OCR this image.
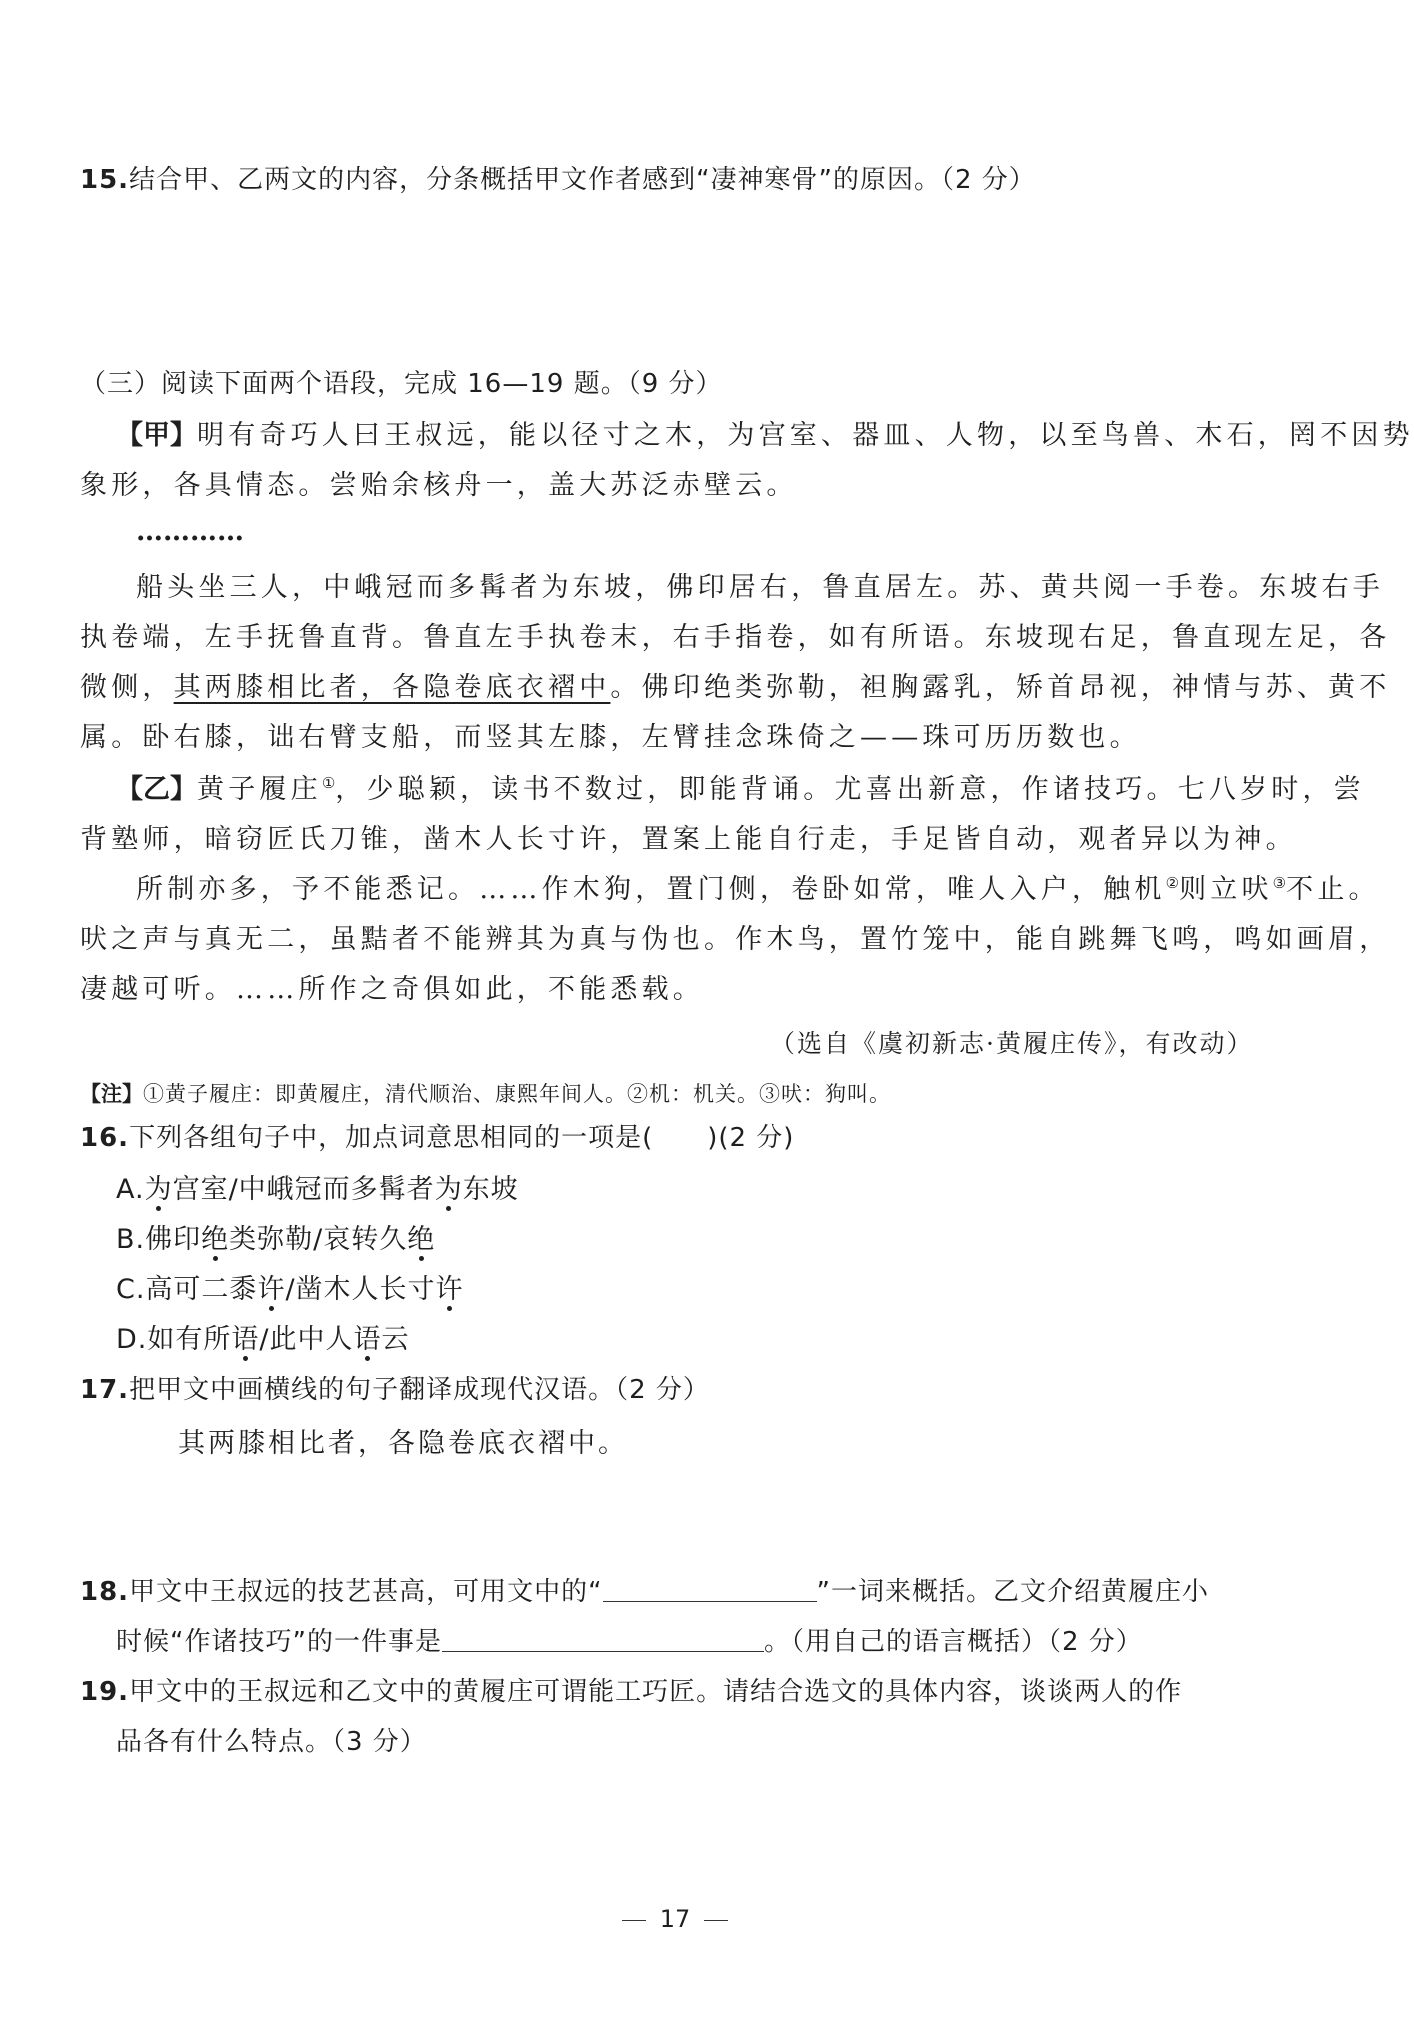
15.结合甲、乙两文的内容，分条概括甲文作者感到“凄神寒骨”的原因。（2 分）
（三）阅读下面两个语段，完成 16—19 题。（9 分）
【甲】明有奇巧人曰王叔远，能以径寸之木，为宫室、器皿、人物，以至鸟兽、木石，罔不因势
象形，各具情态。尝贻余核舟一，盖大苏泛赤壁云。
…………
船头坐三人，中峨冠而多髯者为东坡，佛印居右，鲁直居左。苏、黄共阅一手卷。东坡右手
执卷端，左手抚鲁直背。鲁直左手执卷末，右手指卷，如有所语。东坡现右足，鲁直现左足，各
微侧，其两膝相比者，各隐卷底衣褶中。佛印绝类弥勒，袒胸露乳，矫首昂视，神情与苏、黄不
属。卧右膝，诎右臂支船，而竖其左膝，左臂挂念珠倚之——珠可历历数也。
【乙】黄子履庄①，少聪颖，读书不数过，即能背诵。尤喜出新意，作诸技巧。七八岁时，尝
背塾师，暗窃匠氏刀锥，凿木人长寸许，置案上能自行走，手足皆自动，观者异以为神。
所制亦多，予不能悉记。……作木狗，置门侧，卷卧如常，唯人入户，触机②则立吠③不止。
吠之声与真无二，虽黠者不能辨其为真与伪也。作木鸟，置竹笼中，能自跳舞飞鸣，鸣如画眉，
凄越可听。……所作之奇俱如此，不能悉载。
（选自《虞初新志·黄履庄传》，有改动）
【注】①黄子履庄：即黄履庄，清代顺治、康熙年间人。②机：机关。③吠：狗叫。
16.下列各组句子中，加点词意思相同的一项是(　　)(2 分)
A.为宫室/中峨冠而多髯者为东坡
B.佛印绝类弥勒/哀转久绝
C.高可二黍许/凿木人长寸许
D.如有所语/此中人语云
17.把甲文中画横线的句子翻译成现代汉语。（2 分）
其两膝相比者，各隐卷底衣褶中。
18.甲文中王叔远的技艺甚高，可用文中的“	”一词来概括。乙文介绍黄履庄小
时候“作诸技巧”的一件事是	。（用自己的语言概括）（2 分）
19.甲文中的王叔远和乙文中的黄履庄可谓能工巧匠。请结合选文的具体内容，谈谈两人的作
品各有什么特点。（3 分）
17
